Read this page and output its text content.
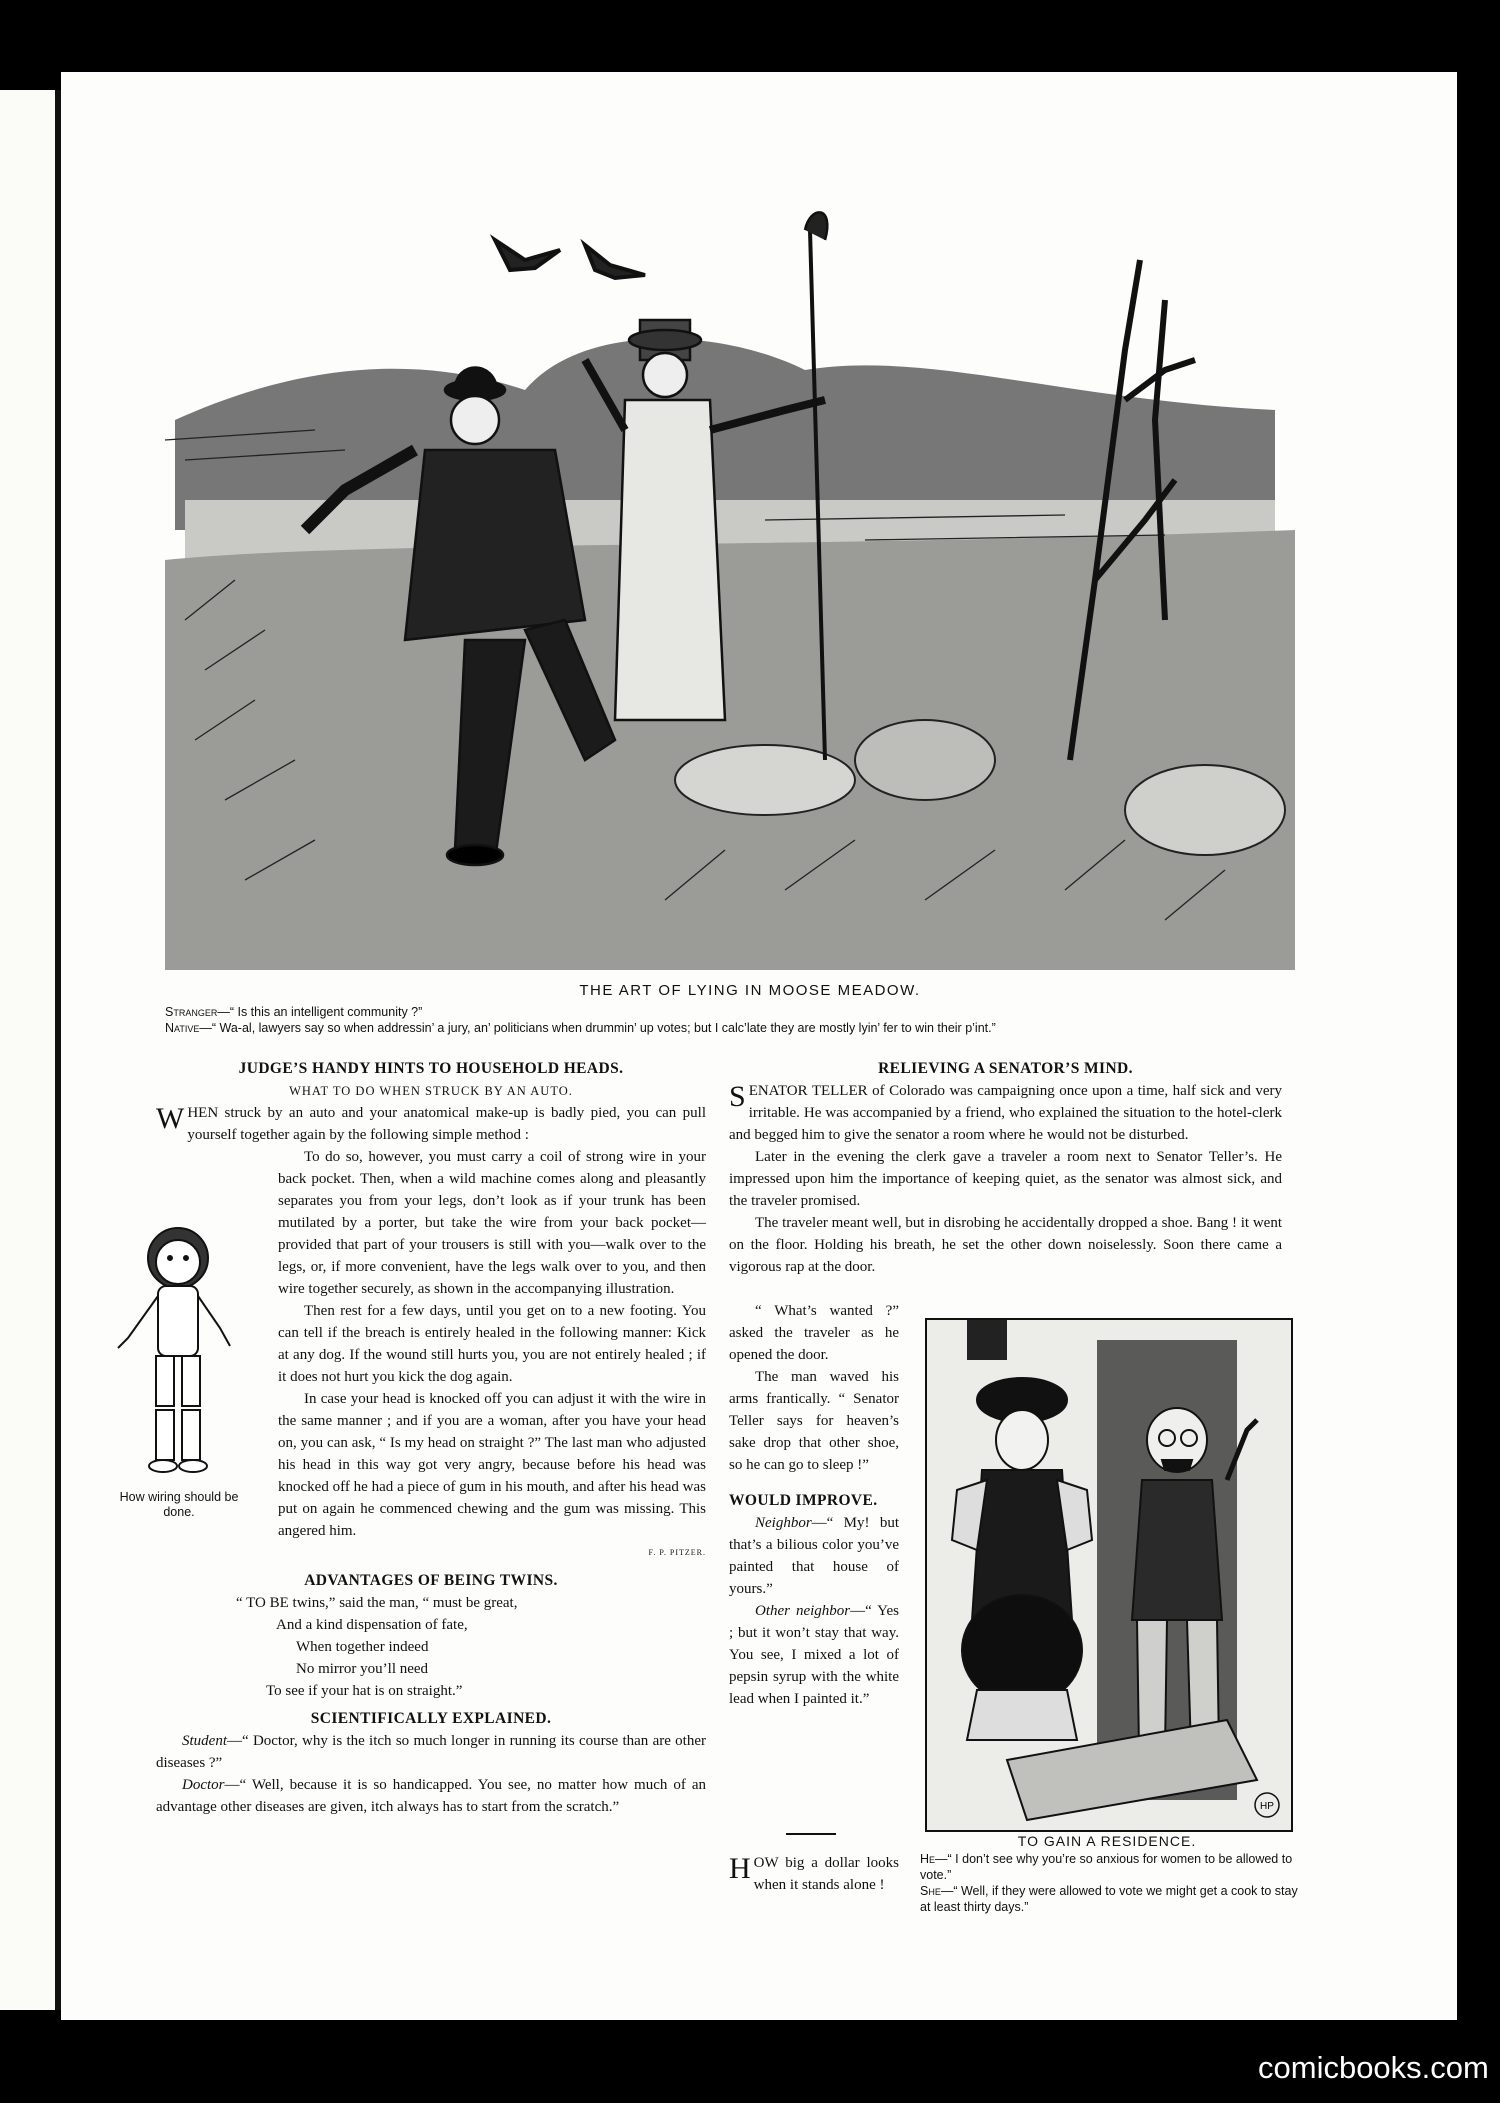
THE ART OF LYING IN MOOSE MEADOW.
Stranger—“ Is this an intelligent community ?”
Native—“ Wa-al, lawyers say so when addressin’ a jury, an’ politicians when drummin’ up votes; but I calc’late they are mostly lyin’ fer to win their p’int.”

JUDGE’S HANDY HINTS TO HOUSEHOLD HEADS.

WHAT TO DO WHEN STRUCK BY AN AUTO.

WHEN struck by an auto and your anatomical make-up is badly pied, you can pull yourself together again by the following simple method :

To do so, however, you must carry a coil of strong wire in your back pocket. Then, when a wild machine comes along and pleasantly separates you from your legs, don’t look as if your trunk has been mutilated by a porter, but take the wire from your back pocket—provided that part of your trousers is still with you—walk over to the legs, or, if more convenient, have the legs walk over to you, and then wire together securely, as shown in the accompanying illustration.

Then rest for a few days, until you get on to a new footing. You can tell if the breach is entirely healed in the following manner: Kick at any dog. If the wound still hurts you, you are not entirely healed ; if it does not hurt you kick the dog again.

In case your head is knocked off you can adjust it with the wire in the same manner ; and if you are a woman, after you have your head on, you can ask, “ Is my head on straight ?” The last man who adjusted his head in this way got very angry, because before his head was knocked off he had a piece of gum in his mouth, and after his head was put on again he commenced chewing and the gum was missing. This angered him.

F. P. PITZER.

ADVANTAGES OF BEING TWINS.

“ TO BE twins,” said the man, “ must be great,
And a kind dispensation of fate,
When together indeed
No mirror you’ll need
To see if your hat is on straight.”

SCIENTIFICALLY EXPLAINED.

Student—“ Doctor, why is the itch so much longer in running its course than are other diseases ?”

Doctor—“ Well, because it is so handicapped. You see, no matter how much of an advantage other diseases are given, itch always has to start from the scratch.”

How wiring should be done.

RELIEVING A SENATOR’S MIND.

SENATOR TELLER of Colorado was campaigning once upon a time, half sick and very irritable. He was accompanied by a friend, who explained the situation to the hotel-clerk and begged him to give the senator a room where he would not be disturbed.

Later in the evening the clerk gave a traveler a room next to Senator Teller’s. He impressed upon him the importance of keeping quiet, as the senator was almost sick, and the traveler promised.

The traveler meant well, but in disrobing he accidentally dropped a shoe. Bang ! it went on the floor. Holding his breath, he set the other down noiselessly. Soon there came a vigorous rap at the door.

“ What’s wanted ?” asked the traveler as he opened the door.

The man waved his arms frantically. “ Senator Teller says for heaven’s sake drop that other shoe, so he can go to sleep !”

WOULD IMPROVE.

Neighbor—“ My! but that’s a bilious color you’ve painted that house of yours.”

Other neighbor—“ Yes ; but it won’t stay that way. You see, I mixed a lot of pepsin syrup with the white lead when I painted it.”

HOW big a dollar looks when it stands alone !

HP
TO GAIN A RESIDENCE.
He—“ I don’t see why you’re so anxious for women to be allowed to vote.”
She—“ Well, if they were allowed to vote we might get a cook to stay at least thirty days.”
comicbooks.com
